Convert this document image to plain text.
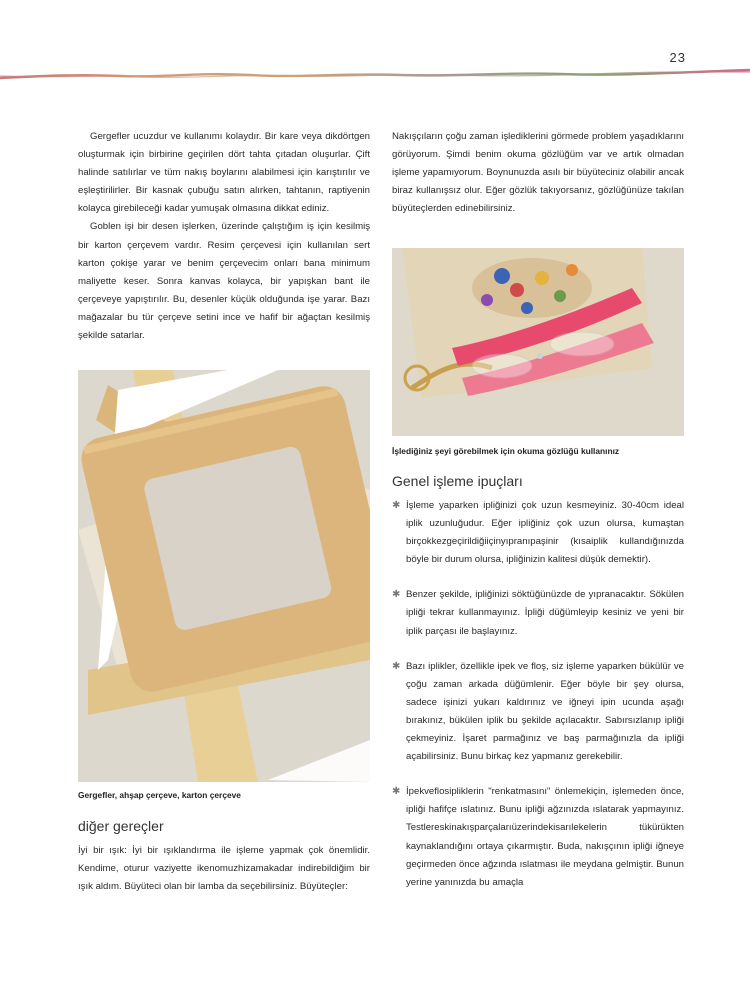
23

Gergefler ucuzdur ve kullanımı kolaydır. Bir kare veya dikdörtgen oluşturmak için birbirine geçirilen dört tahta çıtadan oluşurlar. Çift halinde satılırlar ve tüm nakış boylarını alabilmesi için karıştırılır ve eşleştirilirler. Bir kasnak çubuğu satın alırken, tahtanın, raptiyenin kolayca girebileceği kadar yumuşak olmasına dikkat ediniz.

Goblen işi bir desen işlerken, üzerinde çalıştığım iş için kesilmiş bir karton çerçevem vardır. Resim çerçevesi için kullanılan sert karton çokişe yarar ve benim çerçevecim onları bana minimum maliyette keser. Sonra kanvas kolayca, bir yapışkan bant ile çerçeveye yapıştırılır. Bu, desenler küçük olduğunda işe yarar. Bazı mağazalar bu tür çerçeve setini ince ve hafif bir ağaçtan kesilmiş şekilde satarlar.

Nakışçıların çoğu zaman işlediklerini görmede problem yaşadıklarını görüyorum. Şimdi benim okuma gözlüğüm var ve artık olmadan işleme yapamıyorum. Boynunuzda asılı bir büyüteciniz olabilir ancak biraz kullanışsız olur. Eğer gözlük takıyorsanız, gözlüğünüze takılan büyüteçlerden edinebilirsiniz.

İşlediğiniz şeyi görebilmek için okuma gözlüğü kullanınız
Gergefler, ahşap çerçeve, karton çerçeve
Genel işleme ipuçları
✱ İşleme yaparken ipliğinizi çok uzun kesmeyiniz. 30-40cm ideal iplik uzunluğudur. Eğer ipliğiniz çok uzun olursa, kumaştan birçokkezgeçirildiğiiçinyıpranıpaşinir (kısaiplik kullandığınızda böyle bir durum olursa, ipliğinizin kalitesi düşük demektir).
✱ Benzer şekilde, ipliğinizi söktüğünüzde de yıpranacaktır. Sökülen ipliği tekrar kullanmayınız. İpliği düğümleyip kesiniz ve yeni bir iplik parçası ile başlayınız.
✱ Bazı iplikler, özellikle ipek ve floş, siz işleme yaparken bükülür ve çoğu zaman arkada düğümlenir. Eğer böyle bir şey olursa, sadece işinizi yukarı kaldırınız ve iğneyi ipin ucunda aşağı bırakınız, bükülen iplik bu şekilde açılacaktır. Sabırsızlanıp ipliği çekmeyiniz. İşaret parmağınız ve baş parmağınızla da ipliği açabilirsiniz. Bunu birkaç kez yapmanız gerekebilir.
✱ İpekveflosipliklerin "renkatmasını" önlemekiçin, işlemeden önce, ipliği hafifçe ıslatınız. Bunu ipliği ağzınızda ıslatarak yapmayınız. Testlereskinakışparçalarıüzerindekisarılekelerin tükürükten kaynaklandığını ortaya çıkarmıştır. Buda, nakışçının ipliği iğneye geçirmeden önce ağzında ıslatması ile meydana gelmiştir. Bunun yerine yanınızda bu amaçla
diğer gereçler

İyi bir ışık: İyi bir ışıklandırma ile işleme yapmak çok önemlidir. Kendime, oturur vaziyette ikenomuzhizamakadar indirebildiğim bir ışık aldım. Büyüteci olan bir lamba da seçebilirsiniz. Büyüteçler:
